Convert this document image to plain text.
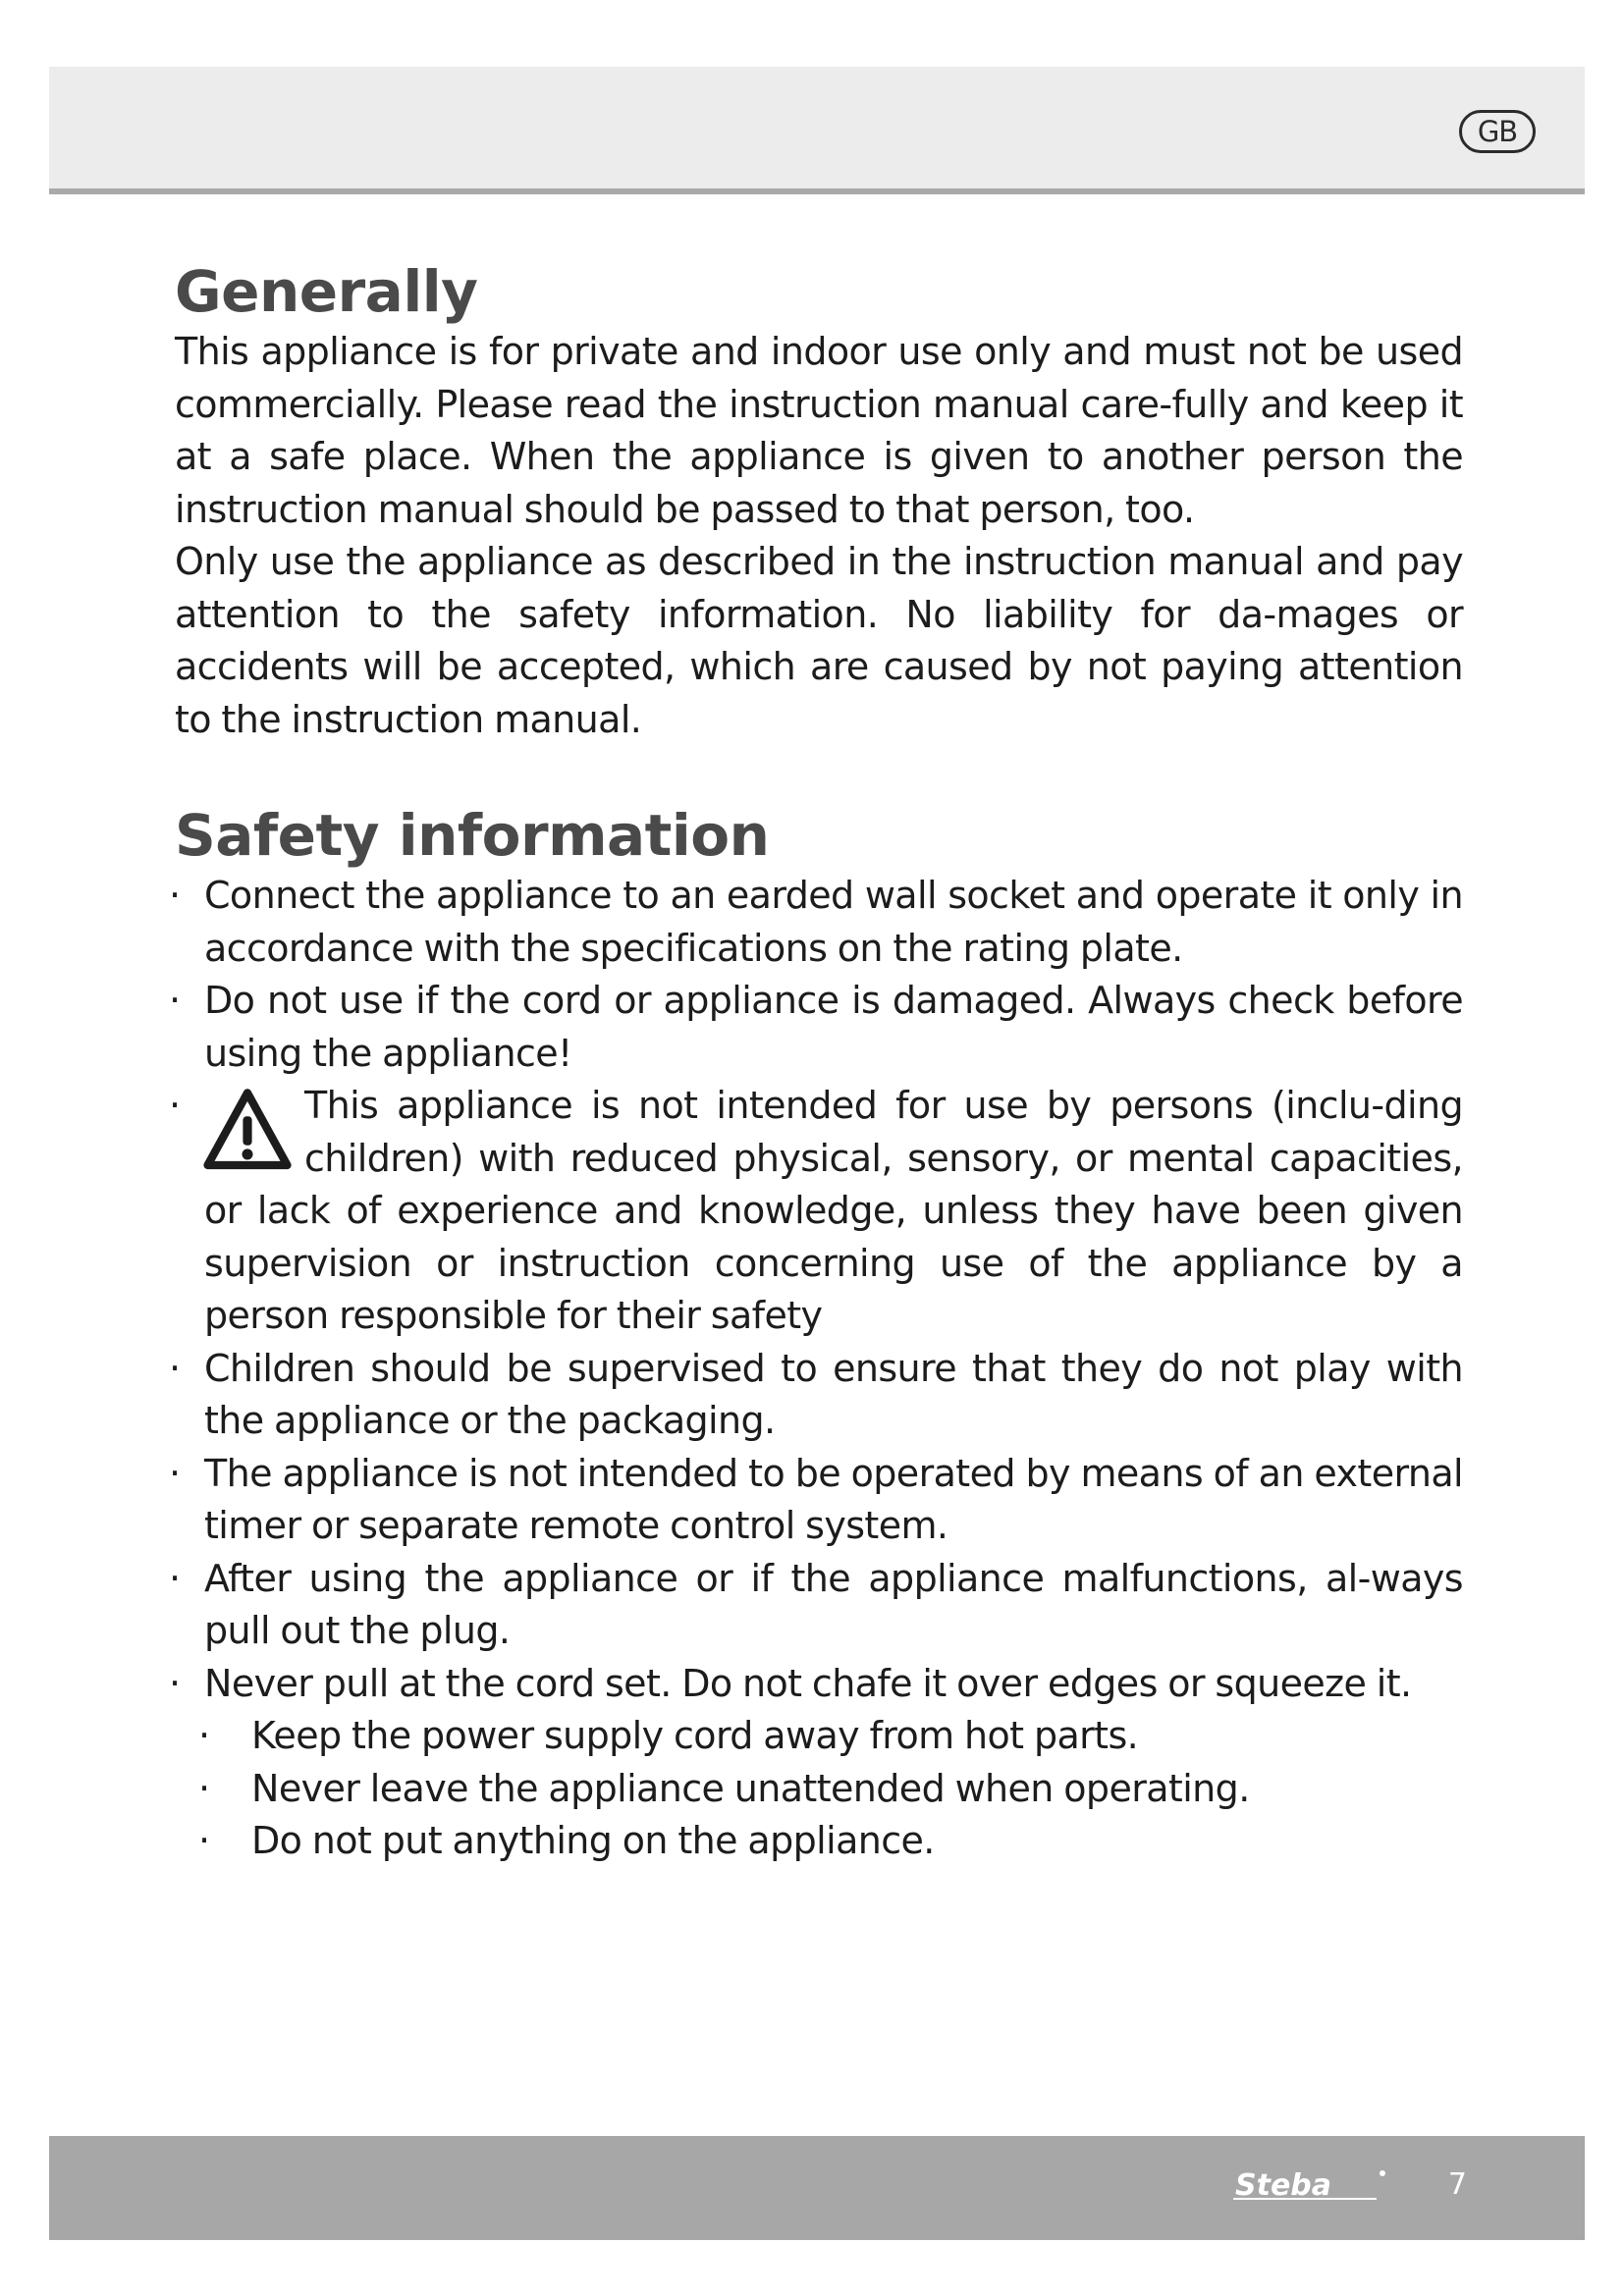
GB
Generally

This appliance is for private and indoor use only and must not be used commercially. Please read the instruction manual care-fully and keep it at a safe place. When the appliance is given to another person the instruction manual should be passed to that person, too.

Only use the appliance as described in the instruction manual and pay attention to the safety information. No liability for da-mages or accidents will be accepted, which are caused by not paying attention to the instruction manual.

Safety information
· Connect the appliance to an earded wall socket and operate it only in accordance with the specifications on the rating plate.
· Do not use if the cord or appliance is damaged. Always check before using the appliance!
·	This appliance is not intended for use by persons (inclu-ding children) with reduced physical, sensory, or mental capacities, or lack of experience and knowledge, unless they have been given supervision or instruction concerning use of the appliance by a person responsible for their safety
· Children should be supervised to ensure that they do not play with the appliance or the packaging.
· The appliance is not intended to be operated by means of an external timer or separate remote control system.
· After using the appliance or if the appliance malfunctions, al-ways pull out the plug.
· Never pull at the cord set. Do not chafe it over edges or squeeze it.
· Keep the power supply cord away from hot parts.
· Never leave the appliance unattended when operating.
· Do not put anything on the appliance.
Steba	7
